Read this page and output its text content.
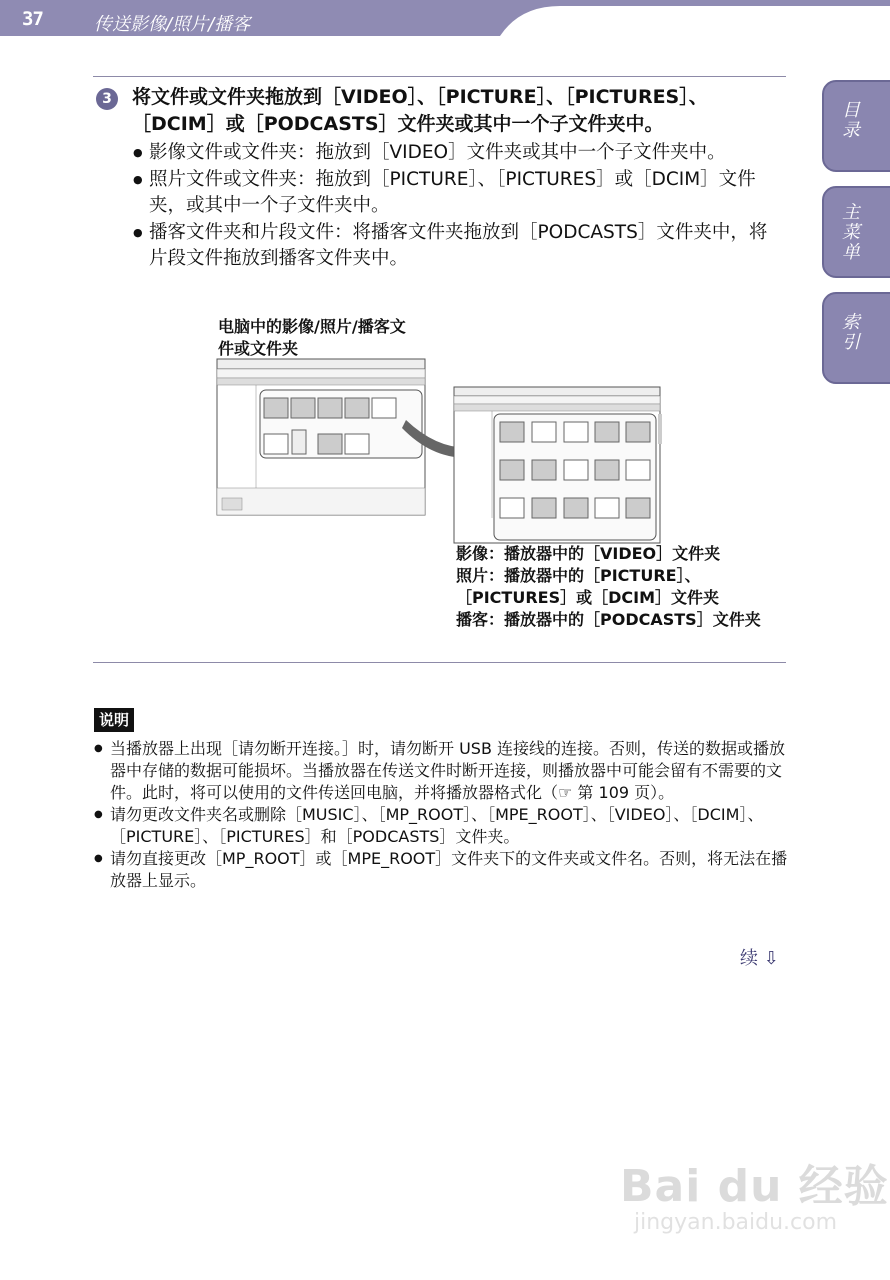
37	传送影像/照片/播客
目录
主菜单
索引
3	将文件或文件夹拖放到［VIDEO］、［PICTURE］、［PICTURES］、［DCIM］或［PODCASTS］文件夹或其中一个子文件夹中。
● 影像文件或文件夹：拖放到［VIDEO］文件夹或其中一个子文件夹中。
● 照片文件或文件夹：拖放到［PICTURE］、［PICTURES］或［DCIM］文件夹，或其中一个子文件夹中。
● 播客文件夹和片段文件：将播客文件夹拖放到［PODCASTS］文件夹中，将片段文件拖放到播客文件夹中。
电脑中的影像/照片/播客文件或文件夹
影像：播放器中的［VIDEO］文件夹
照片：播放器中的［PICTURE］、［PICTURES］或［DCIM］文件夹
播客：播放器中的［PODCASTS］文件夹
说明
● 当播放器上出现［请勿断开连接。］时，请勿断开 USB 连接线的连接。否则，传送的数据或播放器中存储的数据可能损坏。当播放器在传送文件时断开连接，则播放器中可能会留有不需要的文件。此时，将可以使用的文件传送回电脑，并将播放器格式化（☞ 第 109 页）。
● 请勿更改文件夹名或删除［MUSIC］、［MP_ROOT］、［MPE_ROOT］、［VIDEO］、［DCIM］、［PICTURE］、［PICTURES］和［PODCASTS］文件夹。
● 请勿直接更改［MP_ROOT］或［MPE_ROOT］文件夹下的文件夹或文件名。否则，将无法在播放器上显示。
续 ⇩
Bai du 经验
jingyan.baidu.com
